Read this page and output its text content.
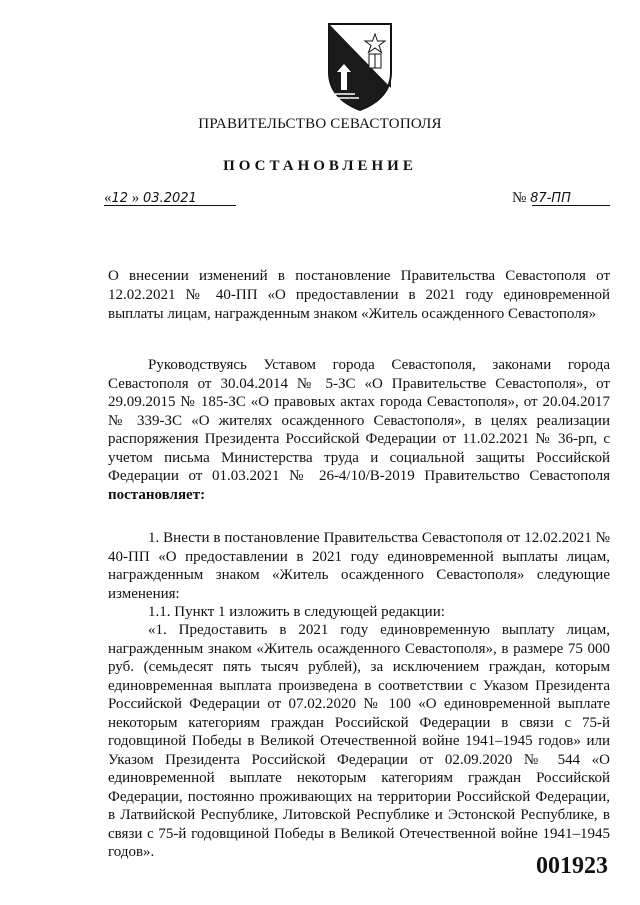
ПРАВИТЕЛЬСТВО СЕВАСТОПОЛЯ
ПОСТАНОВЛЕНИЕ
«12 » 03.2021	№ 87-ПП
О внесении изменений в постановление Правительства Севастополя от 12.02.2021 № 40-ПП «О предоставлении в 2021 году единовременной выплаты лицам, награжденным знаком «Житель осажденного Севастополя»
Руководствуясь Уставом города Севастополя, законами города Севастополя от 30.04.2014 № 5-ЗС «О Правительстве Севастополя», от 29.09.2015 № 185-ЗС «О правовых актах города Севастополя», от 20.04.2017 № 339-ЗС «О жителях осажденного Севастополя», в целях реализации распоряжения Президента Российской Федерации от 11.02.2021 № 36-рп, с учетом письма Министерства труда и социальной защиты Российской Федерации от 01.03.2021 № 26-4/10/В-2019 Правительство Севастополя постановляет:
1. Внести в постановление Правительства Севастополя от 12.02.2021 № 40-ПП «О предоставлении в 2021 году единовременной выплаты лицам, награжденным знаком «Житель осажденного Севастополя» следующие изменения:
1.1. Пункт 1 изложить в следующей редакции:
«1. Предоставить в 2021 году единовременную выплату лицам, награжденным знаком «Житель осажденного Севастополя», в размере 75 000 руб. (семьдесят пять тысяч рублей), за исключением граждан, которым единовременная выплата произведена в соответствии с Указом Президента Российской Федерации от 07.02.2020 № 100 «О единовременной выплате некоторым категориям граждан Российской Федерации в связи с 75-й годовщиной Победы в Великой Отечественной войне 1941–1945 годов» или Указом Президента Российской Федерации от 02.09.2020 № 544 «О единовременной выплате некоторым категориям граждан Российской Федерации, постоянно проживающих на территории Российской Федерации, в Латвийской Республике, Литовской Республике и Эстонской Республике, в связи с 75-й годовщиной Победы в Великой Отечественной войне 1941–1945 годов».
001923
